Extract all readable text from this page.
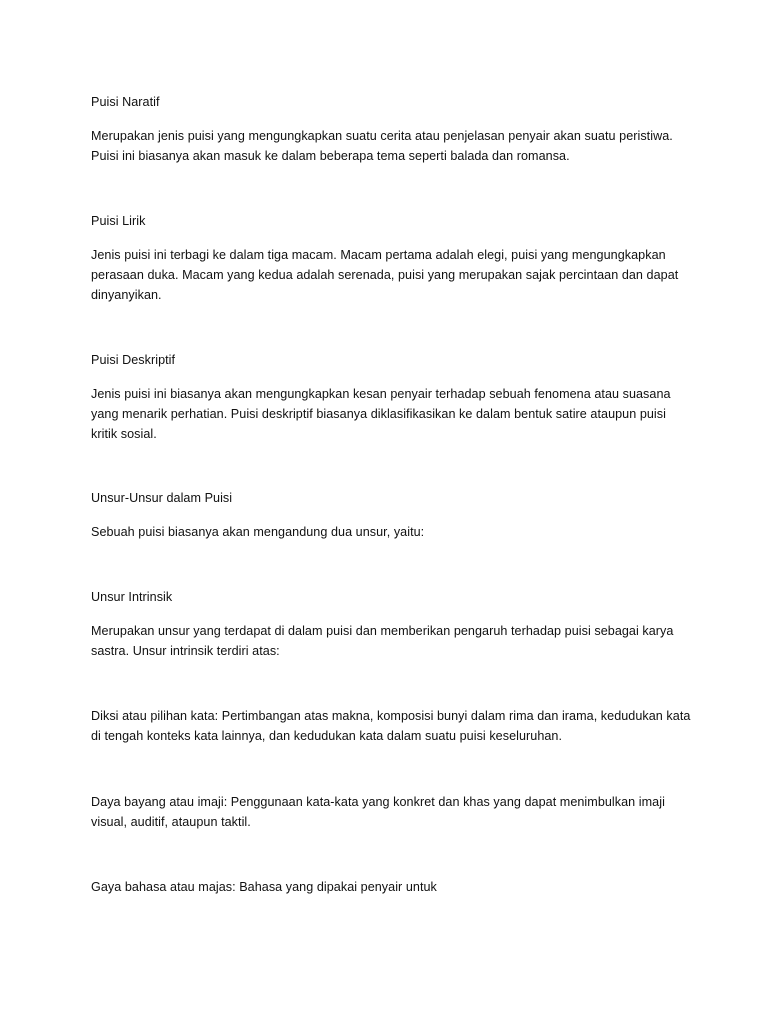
Puisi Naratif

Merupakan jenis puisi yang mengungkapkan suatu cerita atau penjelasan penyair akan suatu peristiwa. Puisi ini biasanya akan masuk ke dalam beberapa tema seperti balada dan romansa.

Puisi Lirik

Jenis puisi ini terbagi ke dalam tiga macam. Macam pertama adalah elegi, puisi yang mengungkapkan perasaan duka. Macam yang kedua adalah serenada, puisi yang merupakan sajak percintaan dan dapat dinyanyikan.

Puisi Deskriptif

Jenis puisi ini biasanya akan mengungkapkan kesan penyair terhadap sebuah fenomena atau suasana yang menarik perhatian. Puisi deskriptif biasanya diklasifikasikan ke dalam bentuk satire ataupun puisi kritik sosial.

Unsur-Unsur dalam Puisi

Sebuah puisi biasanya akan mengandung dua unsur, yaitu:

Unsur Intrinsik

Merupakan unsur yang terdapat di dalam puisi dan memberikan pengaruh terhadap puisi sebagai karya sastra. Unsur intrinsik terdiri atas:

Diksi atau pilihan kata: Pertimbangan atas makna, komposisi bunyi dalam rima dan irama, kedudukan kata di tengah konteks kata lainnya, dan kedudukan kata dalam suatu puisi keseluruhan.

Daya bayang atau imaji: Penggunaan kata-kata yang konkret dan khas yang dapat menimbulkan imaji visual, auditif, ataupun taktil.

Gaya bahasa atau majas: Bahasa yang dipakai penyair untuk
